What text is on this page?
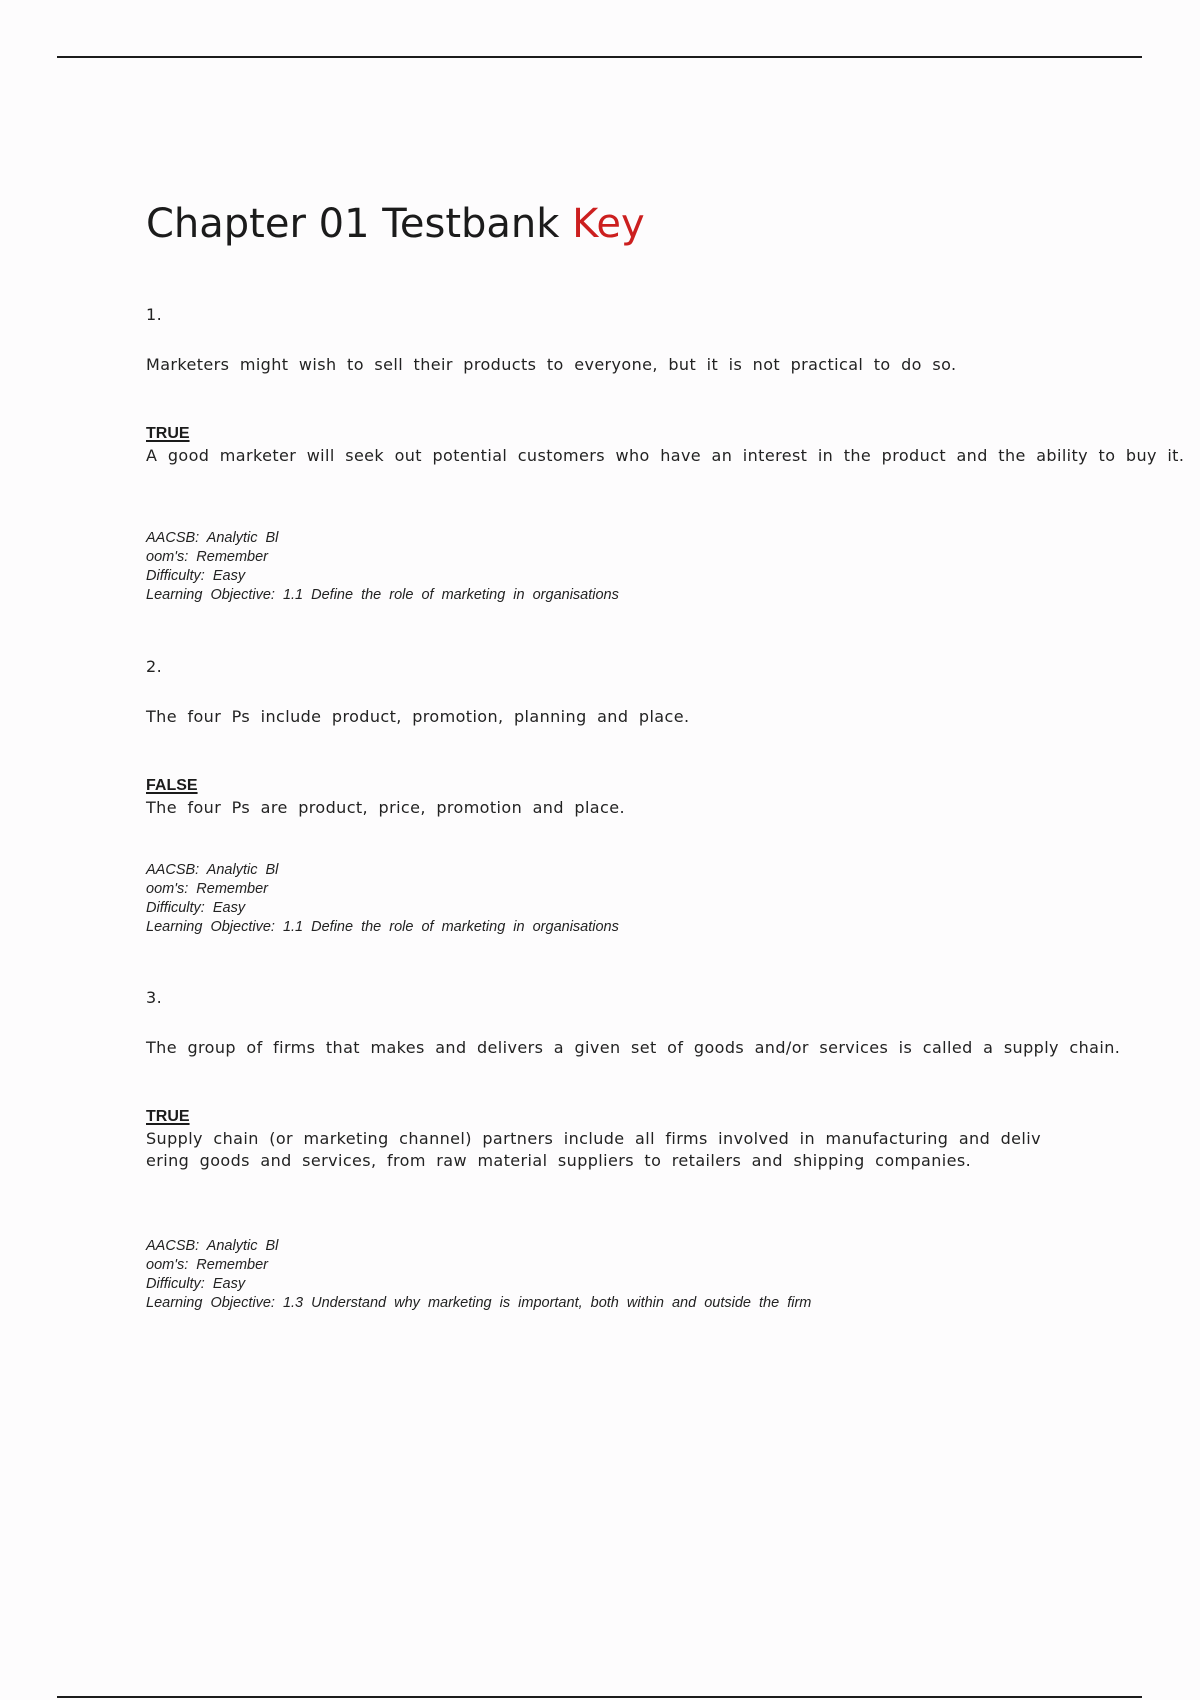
Chapter 01 Testbank Key

1.

Marketers might wish to sell their products to everyone, but it is not practical to do so.

TRUE

A good marketer will seek out potential customers who have an interest in the product and the ability to buy it.

AACSB: Analytic Bl
oom's: Remember
Difficulty: Easy
Learning Objective: 1.1 Define the role of marketing in organisations

2.

The four Ps include product, promotion, planning and place.

FALSE

The four Ps are product, price, promotion and place.

AACSB: Analytic Bl
oom's: Remember
Difficulty: Easy
Learning Objective: 1.1 Define the role of marketing in organisations

3.

The group of firms that makes and delivers a given set of goods and/or services is called a supply chain.

TRUE

Supply chain (or marketing channel) partners include all firms involved in manufacturing and delivering goods and services, from raw material suppliers to retailers and shipping companies.

AACSB: Analytic Bl
oom's: Remember
Difficulty: Easy
Learning Objective: 1.3 Understand why marketing is important, both within and outside the firm
